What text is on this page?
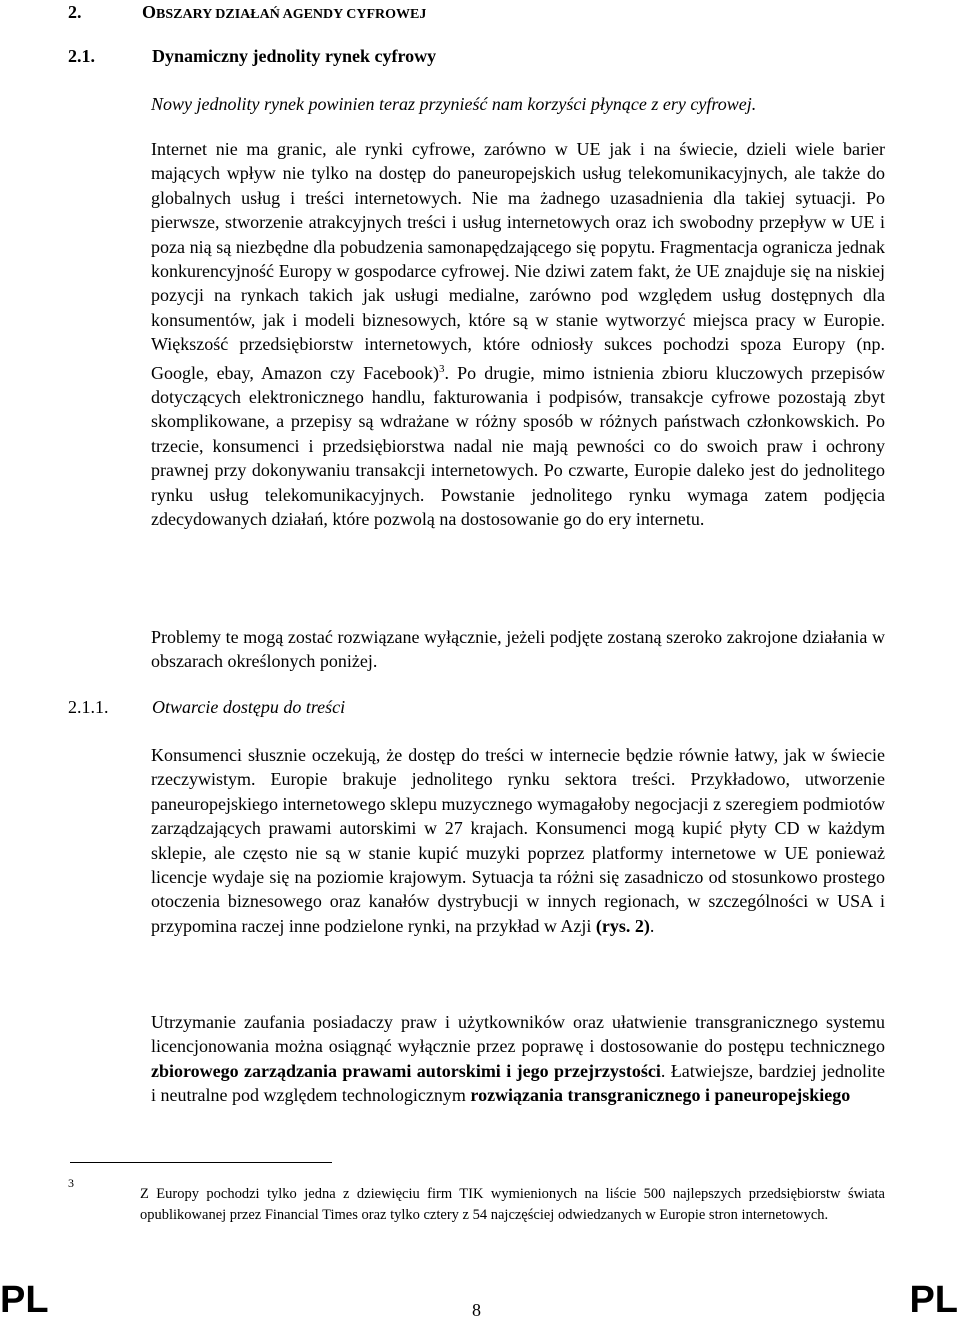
2.	OBSZARY DZIAŁAŃ AGENDY CYFROWEJ
2.1.	Dynamiczny jednolity rynek cyfrowy
Nowy jednolity rynek powinien teraz przynieść nam korzyści płynące z ery cyfrowej.
Internet nie ma granic, ale rynki cyfrowe, zarówno w UE jak i na świecie, dzieli wiele barier mających wpływ nie tylko na dostęp do paneuropejskich usług telekomunikacyjnych, ale także do globalnych usług i treści internetowych. Nie ma żadnego uzasadnienia dla takiej sytuacji. Po pierwsze, stworzenie atrakcyjnych treści i usług internetowych oraz ich swobodny przepływ w UE i poza nią są niezbędne dla pobudzenia samonapędzającego się popytu. Fragmentacja ogranicza jednak konkurencyjność Europy w gospodarce cyfrowej. Nie dziwi zatem fakt, że UE znajduje się na niskiej pozycji na rynkach takich jak usługi medialne, zarówno pod względem usług dostępnych dla konsumentów, jak i modeli biznesowych, które są w stanie wytworzyć miejsca pracy w Europie. Większość przedsiębiorstw internetowych, które odniosły sukces pochodzi spoza Europy (np. Google, ebay, Amazon czy Facebook)$^3$. Po drugie, mimo istnienia zbioru kluczowych przepisów dotyczących elektronicznego handlu, fakturowania i podpisów, transakcje cyfrowe pozostają zbyt skomplikowane, a przepisy są wdrażane w różny sposób w różnych państwach członkowskich. Po trzecie, konsumenci i przedsiębiorstwa nadal nie mają pewności co do swoich praw i ochrony prawnej przy dokonywaniu transakcji internetowych. Po czwarte, Europie daleko jest do jednolitego rynku usług telekomunikacyjnych. Powstanie jednolitego rynku wymaga zatem podjęcia zdecydowanych działań, które pozwolą na dostosowanie go do ery internetu.
Problemy te mogą zostać rozwiązane wyłącznie, jeżeli podjęte zostaną szeroko zakrojone działania w obszarach określonych poniżej.
2.1.1. Otwarcie dostępu do treści
Konsumenci słusznie oczekują, że dostęp do treści w internecie będzie równie łatwy, jak w świecie rzeczywistym. Europie brakuje jednolitego rynku sektora treści. Przykładowo, utworzenie paneuropejskiego internetowego sklepu muzycznego wymagałoby negocjacji z szeregiem podmiotów zarządzających prawami autorskimi w 27 krajach. Konsumenci mogą kupić płyty CD w każdym sklepie, ale często nie są w stanie kupić muzyki poprzez platformy internetowe w UE ponieważ licencje wydaje się na poziomie krajowym. Sytuacja ta różni się zasadniczo od stosunkowo prostego otoczenia biznesowego oraz kanałów dystrybucji w innych regionach, w szczególności w USA i przypomina raczej inne podzielone rynki, na przykład w Azji (rys. 2).
Utrzymanie zaufania posiadaczy praw i użytkowników oraz ułatwienie transgranicznego systemu licencjonowania można osiągnąć wyłącznie przez poprawę i dostosowanie do postępu technicznego zbiorowego zarządzania prawami autorskimi i jego przejrzystości. Łatwiejsze, bardziej jednolite i neutralne pod względem technologicznym rozwiązania transgranicznego i paneuropejskiego
3
Z Europy pochodzi tylko jedna z dziewięciu firm TIK wymienionych na liście 500 najlepszych przedsiębiorstw świata opublikowanej przez Financial Times oraz tylko cztery z 54 najczęściej odwiedzanych w Europie stron internetowych.
PL	8	PL
